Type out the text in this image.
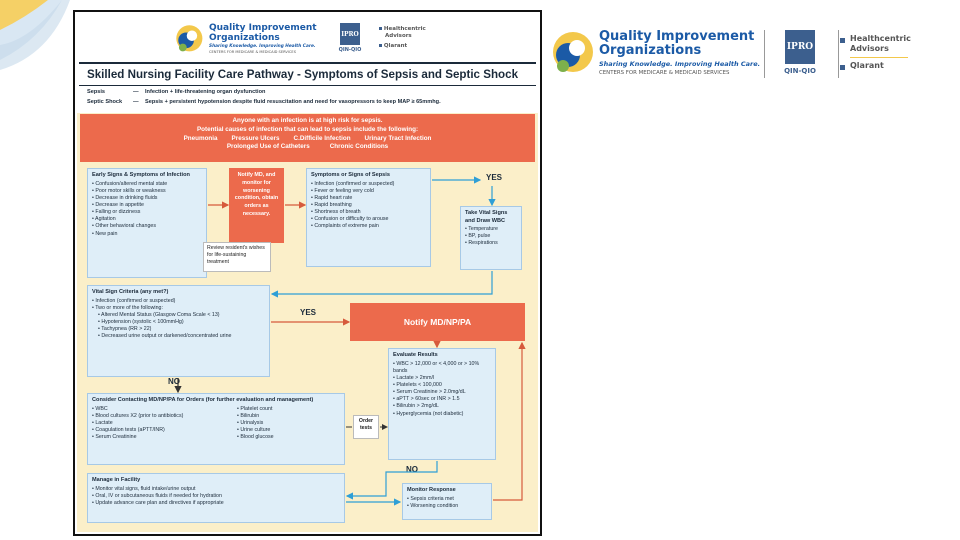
Quality Improvement
Organizations
Sharing Knowledge. Improving Health Care.
CENTERS FOR MEDICARE & MEDICAID SERVICES
IPRO
QIN-QIO
Healthcentric
Advisors
Qlarant
Quality Improvement
Organizations
Sharing Knowledge. Improving Health Care.
CENTERS FOR MEDICARE & MEDICAID SERVICES
IPRO
QIN-QIO
Healthcentric
Advisors
Qlarant
Skilled Nursing Facility Care Pathway - Symptoms of Sepsis and Septic Shock
Sepsis	— Infection + life-threatening organ dysfunction
Septic Shock — Sepsis + persistent hypotension despite fluid resuscitation and need for vasopressors to keep MAP ≥ 65mmhg.
Anyone with an infection is at high risk for sepsis.
Potential causes of infection that can lead to sepsis include the following:
Pneumonia Pressure Ulcers C.Difficile Infection Urinary Tract Infection
Prolonged Use of Catheters	Chronic Conditions
Early Signs & Symptoms of Infection
• Confusion/altered mental state
• Poor motor skills or weakness
• Decrease in drinking fluids
• Decrease in appetite
• Falling or dizziness
• Agitation
• Other behavioral changes
• New pain
Notify MD, and monitor for worsening condition, obtain orders as necessary.
Review resident's wishes for life-sustaining treatment
Symptoms or Signs of Sepsis
• Infection (confirmed or suspected)
• Fever or feeling very cold
• Rapid heart rate
• Rapid breathing
• Shortness of breath
• Confusion or difficulty to arouse
• Complaints of extreme pain
YES
Take Vital Signs and Draw WBC
• Temperature
• BP, pulse
• Respirations
Vital Sign Criteria (any met?)
• Infection (confirmed or suspected)
• Two or more of the following:
• Altered Mental Status (Glasgow Coma Scale < 13)
• Hypotension (systolic < 100mmHg)
• Tachypnea (RR > 22)
• Decreased urine output or darkened/concentrated urine
YES
Notify MD/NP/PA
NO
Evaluate Results
• WBC > 12,000 or < 4,000 or > 10% bands
• Lactate > 2mm/l
• Platelets < 100,000
• Serum Creatinine > 2.0mg/dL
• aPTT > 60sec or INR > 1.5
• Bilirubin > 2mg/dL
• Hyperglycemia (not diabetic)
Consider Contacting MD/NP/PA for Orders (for further evaluation and management)
• WBC
• Blood cultures X2 (prior to antibiotics)
• Lactate
• Coagulation tests (aPTT/INR)
• Serum Creatinine
• Platelet count
• Bilirubin
• Urinalysis
• Urine culture
• Blood glucose
Order tests
NO
Manage in Facility
• Monitor vital signs, fluid intake/urine output
• Oral, IV or subcutaneous fluids if needed for hydration
• Update advance care plan and directives if appropriate
Monitor Response
• Sepsis criteria met
• Worsening condition
